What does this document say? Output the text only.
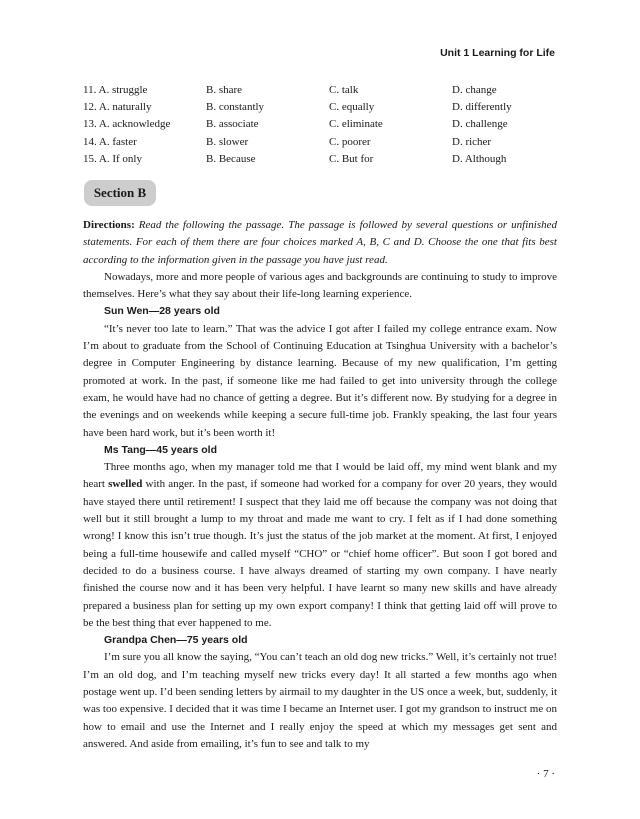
Unit 1 Learning for Life
11. A. struggle	B. share	C. talk	D. change
12. A. naturally	B. constantly	C. equally	D. differently
13. A. acknowledge	B. associate	C. eliminate	D. challenge
14. A. faster	B. slower	C. poorer	D. richer
15. A. If only	B. Because	C. But for	D. Although
Section B

Directions: Read the following the passage. The passage is followed by several questions or unfinished statements. For each of them there are four choices marked A, B, C and D. Choose the one that fits best according to the information given in the passage you have just read.

Nowadays, more and more people of various ages and backgrounds are continuing to study to improve themselves. Here’s what they say about their life-long learning experience.

Sun Wen—28 years old

“It’s never too late to learn.” That was the advice I got after I failed my college entrance exam. Now I’m about to graduate from the School of Continuing Education at Tsinghua University with a bachelor’s degree in Computer Engineering by distance learning. Because of my new qualification, I’m getting promoted at work. In the past, if someone like me had failed to get into university through the college exam, he would have had no chance of getting a degree. But it’s different now. By studying for a degree in the evenings and on weekends while keeping a secure full-time job. Frankly speaking, the last four years have been hard work, but it’s been worth it!

Ms Tang—45 years old

Three months ago, when my manager told me that I would be laid off, my mind went blank and my heart swelled with anger. In the past, if someone had worked for a company for over 20 years, they would have stayed there until retirement! I suspect that they laid me off because the company was not doing that well but it still brought a lump to my throat and made me want to cry. I felt as if I had done something wrong! I know this isn’t true though. It’s just the status of the job market at the moment. At first, I enjoyed being a full-time housewife and called myself “CHO” or “chief home officer”. But soon I got bored and decided to do a business course. I have always dreamed of starting my own company. I have nearly finished the course now and it has been very helpful. I have learnt so many new skills and have already prepared a business plan for setting up my own export company! I think that getting laid off will prove to be the best thing that ever happened to me.

Grandpa Chen—75 years old

I’m sure you all know the saying, “You can’t teach an old dog new tricks.” Well, it’s certainly not true! I’m an old dog, and I’m teaching myself new tricks every day! It all started a few months ago when postage went up. I’d been sending letters by airmail to my daughter in the US once a week, but, suddenly, it was too expensive. I decided that it was time I became an Internet user. I got my grandson to instruct me on how to email and use the Internet and I really enjoy the speed at which my messages get sent and answered. And aside from emailing, it’s fun to see and talk to my

· 7 ·
